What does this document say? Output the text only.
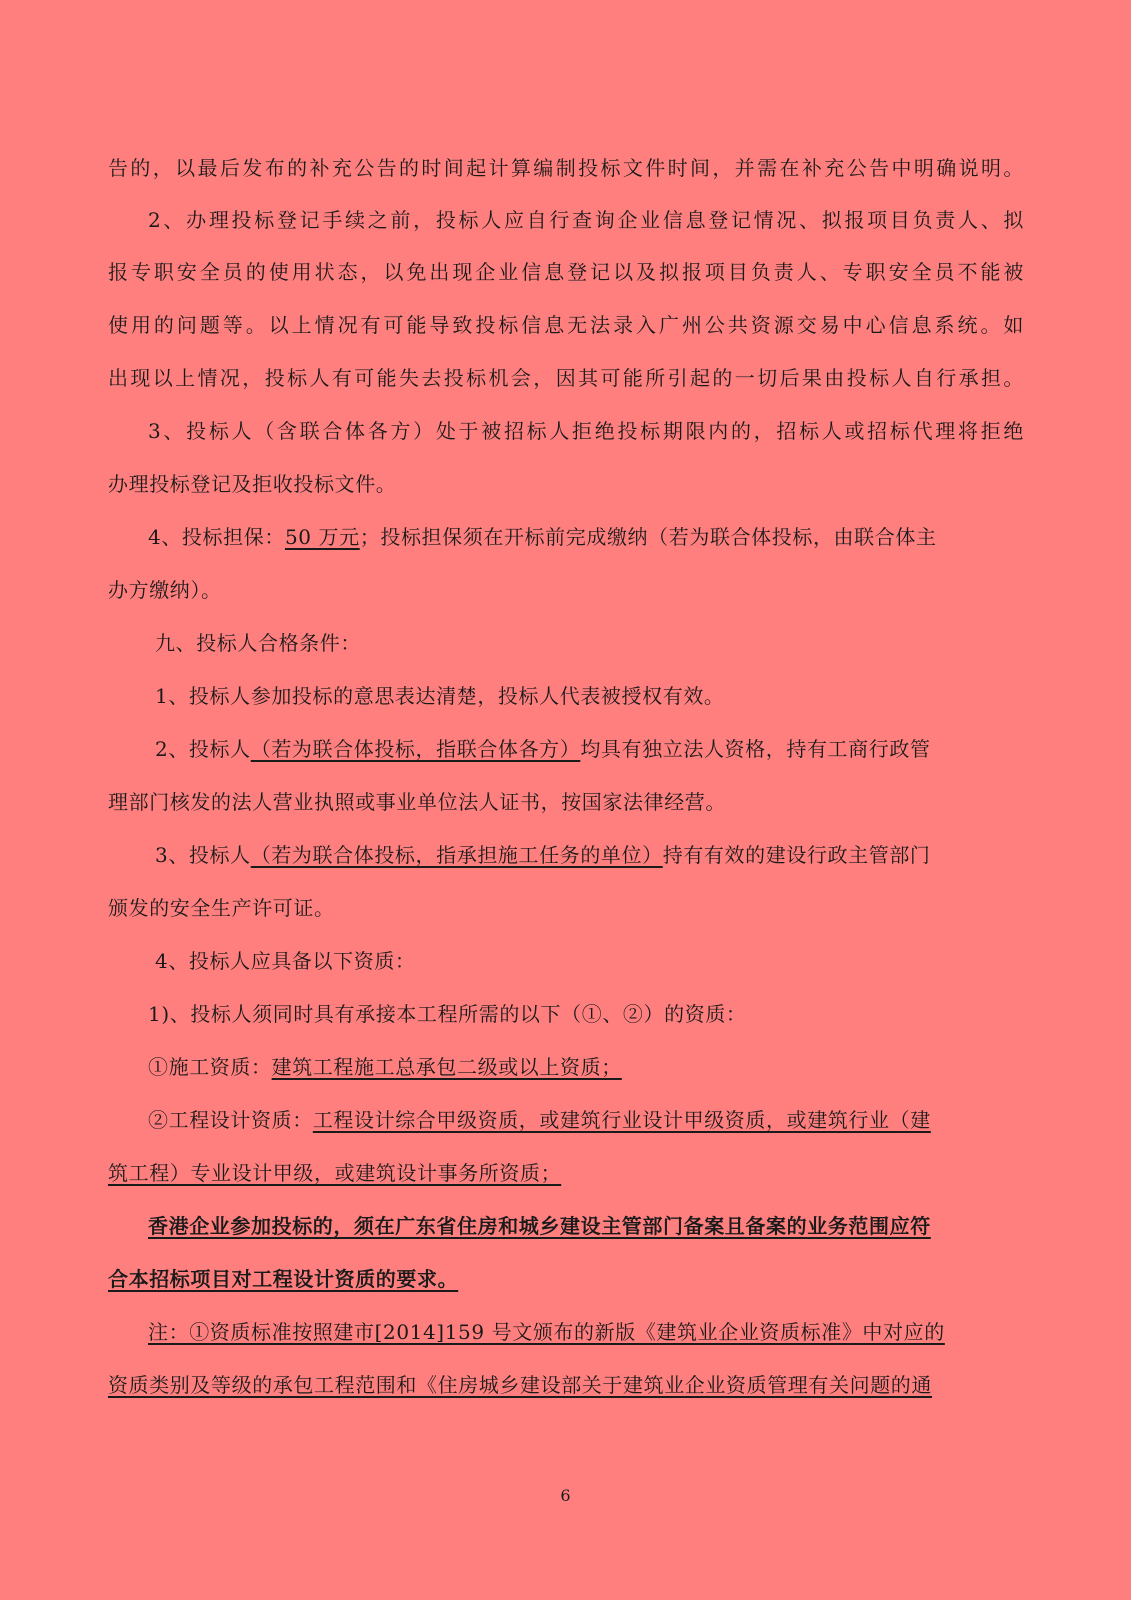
告的，以最后发布的补充公告的时间起计算编制投标文件时间，并需在补充公告中明确说明。
2、办理投标登记手续之前，投标人应自行查询企业信息登记情况、拟报项目负责人、拟
报专职安全员的使用状态，以免出现企业信息登记以及拟报项目负责人、专职安全员不能被
使用的问题等。以上情况有可能导致投标信息无法录入广州公共资源交易中心信息系统。如
出现以上情况，投标人有可能失去投标机会，因其可能所引起的一切后果由投标人自行承担。
3、投标人（含联合体各方）处于被招标人拒绝投标期限内的，招标人或招标代理将拒绝
办理投标登记及拒收投标文件。
4、投标担保：50 万元；投标担保须在开标前完成缴纳（若为联合体投标，由联合体主
办方缴纳）。
九、投标人合格条件：
1、投标人参加投标的意思表达清楚，投标人代表被授权有效。
2、投标人（若为联合体投标，指联合体各方）均具有独立法人资格，持有工商行政管
理部门核发的法人营业执照或事业单位法人证书，按国家法律经营。
3、投标人（若为联合体投标，指承担施工任务的单位）持有有效的建设行政主管部门
颁发的安全生产许可证。
4、投标人应具备以下资质：
1)、投标人须同时具有承接本工程所需的以下（①、②）的资质：
①施工资质：建筑工程施工总承包二级或以上资质；
②工程设计资质：工程设计综合甲级资质，或建筑行业设计甲级资质，或建筑行业（建
筑工程）专业设计甲级，或建筑设计事务所资质；
香港企业参加投标的，须在广东省住房和城乡建设主管部门备案且备案的业务范围应符
合本招标项目对工程设计资质的要求。
注：①资质标准按照建市[2014]159 号文颁布的新版《建筑业企业资质标准》中对应的
资质类别及等级的承包工程范围和《住房城乡建设部关于建筑业企业资质管理有关问题的通
6
